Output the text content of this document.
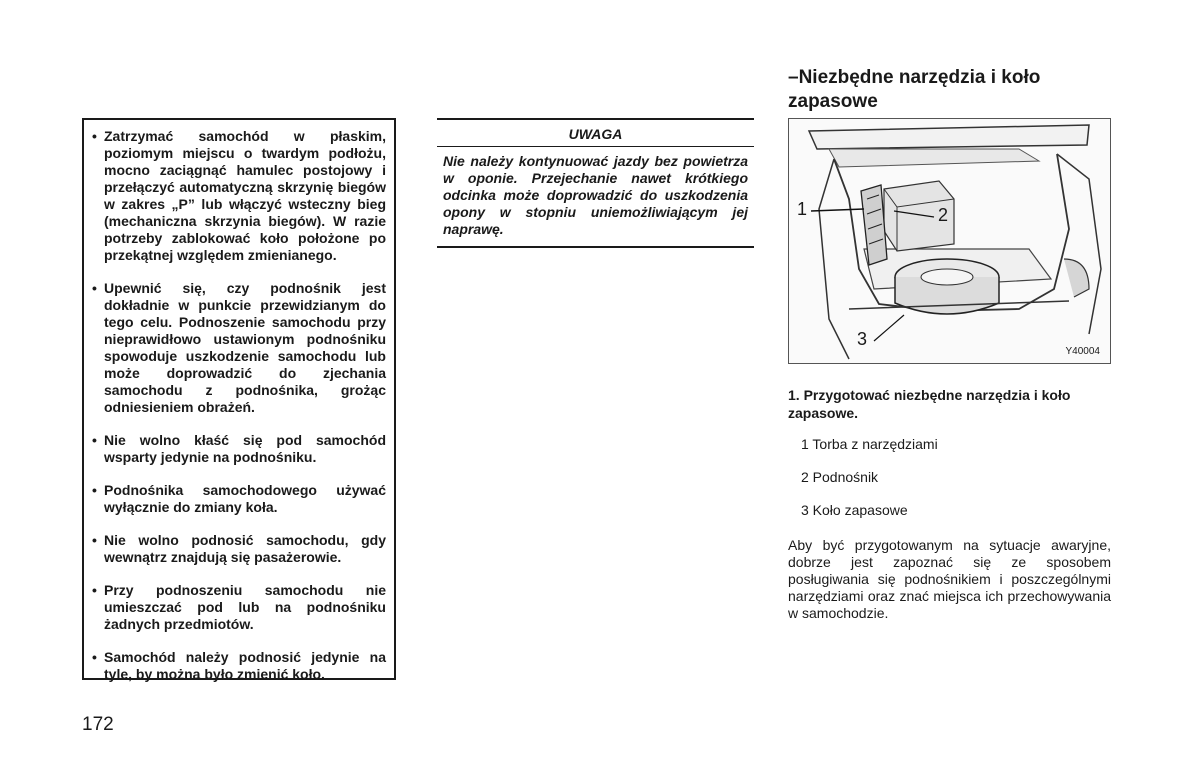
• Zatrzymać samochód w płaskim, poziomym miejscu o twardym podłożu, mocno zaciągnąć hamulec postojowy i przełączyć automatyczną skrzynię biegów w zakres „P” lub włączyć wsteczny bieg (mechaniczna skrzynia biegów). W razie potrzeby zablokować koło położone po przekątnej względem zmienianego.
• Upewnić się, czy podnośnik jest dokładnie w punkcie przewidzianym do tego celu. Podnoszenie samochodu przy nieprawidłowo ustawionym podnośniku spowoduje uszkodzenie samochodu lub może doprowadzić do zjechania samochodu z podnośnika, grożąc odniesieniem obrażeń.
• Nie wolno kłaść się pod samochód wsparty jedynie na podnośniku.
• Podnośnika samochodowego używać wyłącznie do zmiany koła.
• Nie wolno podnosić samochodu, gdy wewnątrz znajdują się pasażerowie.
• Przy podnoszeniu samochodu nie umieszczać pod lub na podnośniku żadnych przedmiotów.
• Samochód należy podnosić jedynie na tyle, by można było zmienić koło.
UWAGA
Nie należy kontynuować jazdy bez powietrza w oponie. Przejechanie nawet krótkiego odcinka może doprowadzić do uszkodzenia opony w stopniu uniemożliwiającym jej naprawę.
–Niezbędne narzędzia i koło zapasowe
1	2
3
Y40004
1. Przygotować niezbędne narzędzia i koło zapasowe.
1 Torba z narzędziami
2 Podnośnik
3 Koło zapasowe
Aby być przygotowanym na sytuacje awaryjne, dobrze jest zapoznać się ze sposobem posługiwania się podnośnikiem i poszczególnymi narzędziami oraz znać miejsca ich przechowywania w samochodzie.
172
